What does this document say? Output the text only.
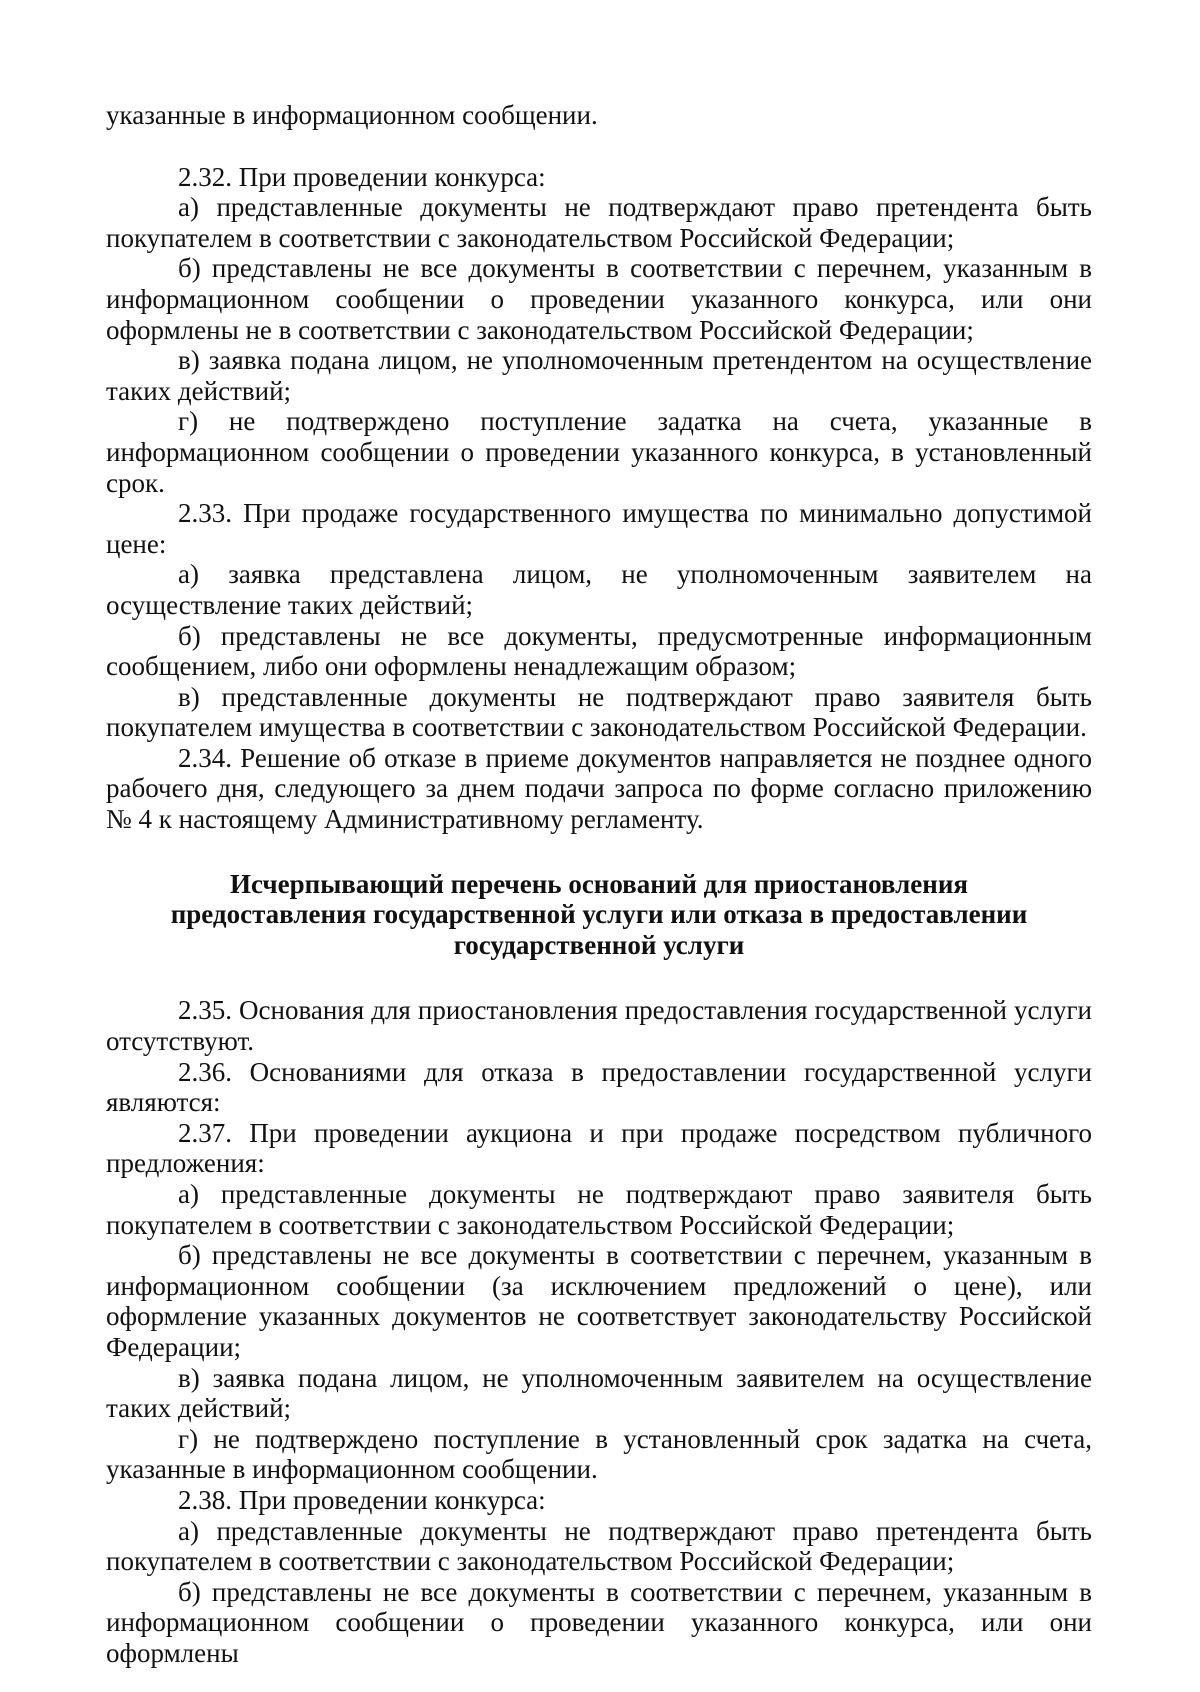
указанные в информационном сообщении.

2.32. При проведении конкурса:

а) представленные документы не подтверждают право претендента быть покупателем в соответствии с законодательством Российской Федерации;

б) представлены не все документы в соответствии с перечнем, указанным в информационном сообщении о проведении указанного конкурса, или они оформлены не в соответствии с законодательством Российской Федерации;

в) заявка подана лицом, не уполномоченным претендентом на осуществление таких действий;

г) не подтверждено поступление задатка на счета, указанные в информационном сообщении о проведении указанного конкурса, в установленный срок.

2.33. При продаже государственного имущества по минимально допустимой цене:

а) заявка представлена лицом, не уполномоченным заявителем на осуществление таких действий;

б) представлены не все документы, предусмотренные информационным сообщением, либо они оформлены ненадлежащим образом;

в) представленные документы не подтверждают право заявителя быть покупателем имущества в соответствии с законодательством Российской Федерации.

2.34. Решение об отказе в приеме документов направляется не позднее одного рабочего дня, следующего за днем подачи запроса по форме согласно приложению № 4 к настоящему Административному регламенту.

Исчерпывающий перечень оснований для приостановления
предоставления государственной услуги или отказа в предоставлении
государственной услуги

2.35. Основания для приостановления предоставления государственной услуги отсутствуют.

2.36. Основаниями для отказа в предоставлении государственной услуги являются:

2.37. При проведении аукциона и при продаже посредством публичного предложения:

а) представленные документы не подтверждают право заявителя быть покупателем в соответствии с законодательством Российской Федерации;

б) представлены не все документы в соответствии с перечнем, указанным в информационном сообщении (за исключением предложений о цене), или оформление указанных документов не соответствует законодательству Российской Федерации;

в) заявка подана лицом, не уполномоченным заявителем на осуществление таких действий;

г) не подтверждено поступление в установленный срок задатка на счета, указанные в информационном сообщении.

2.38. При проведении конкурса:

а) представленные документы не подтверждают право претендента быть покупателем в соответствии с законодательством Российской Федерации;

б) представлены не все документы в соответствии с перечнем, указанным в информационном сообщении о проведении указанного конкурса, или они оформлены
